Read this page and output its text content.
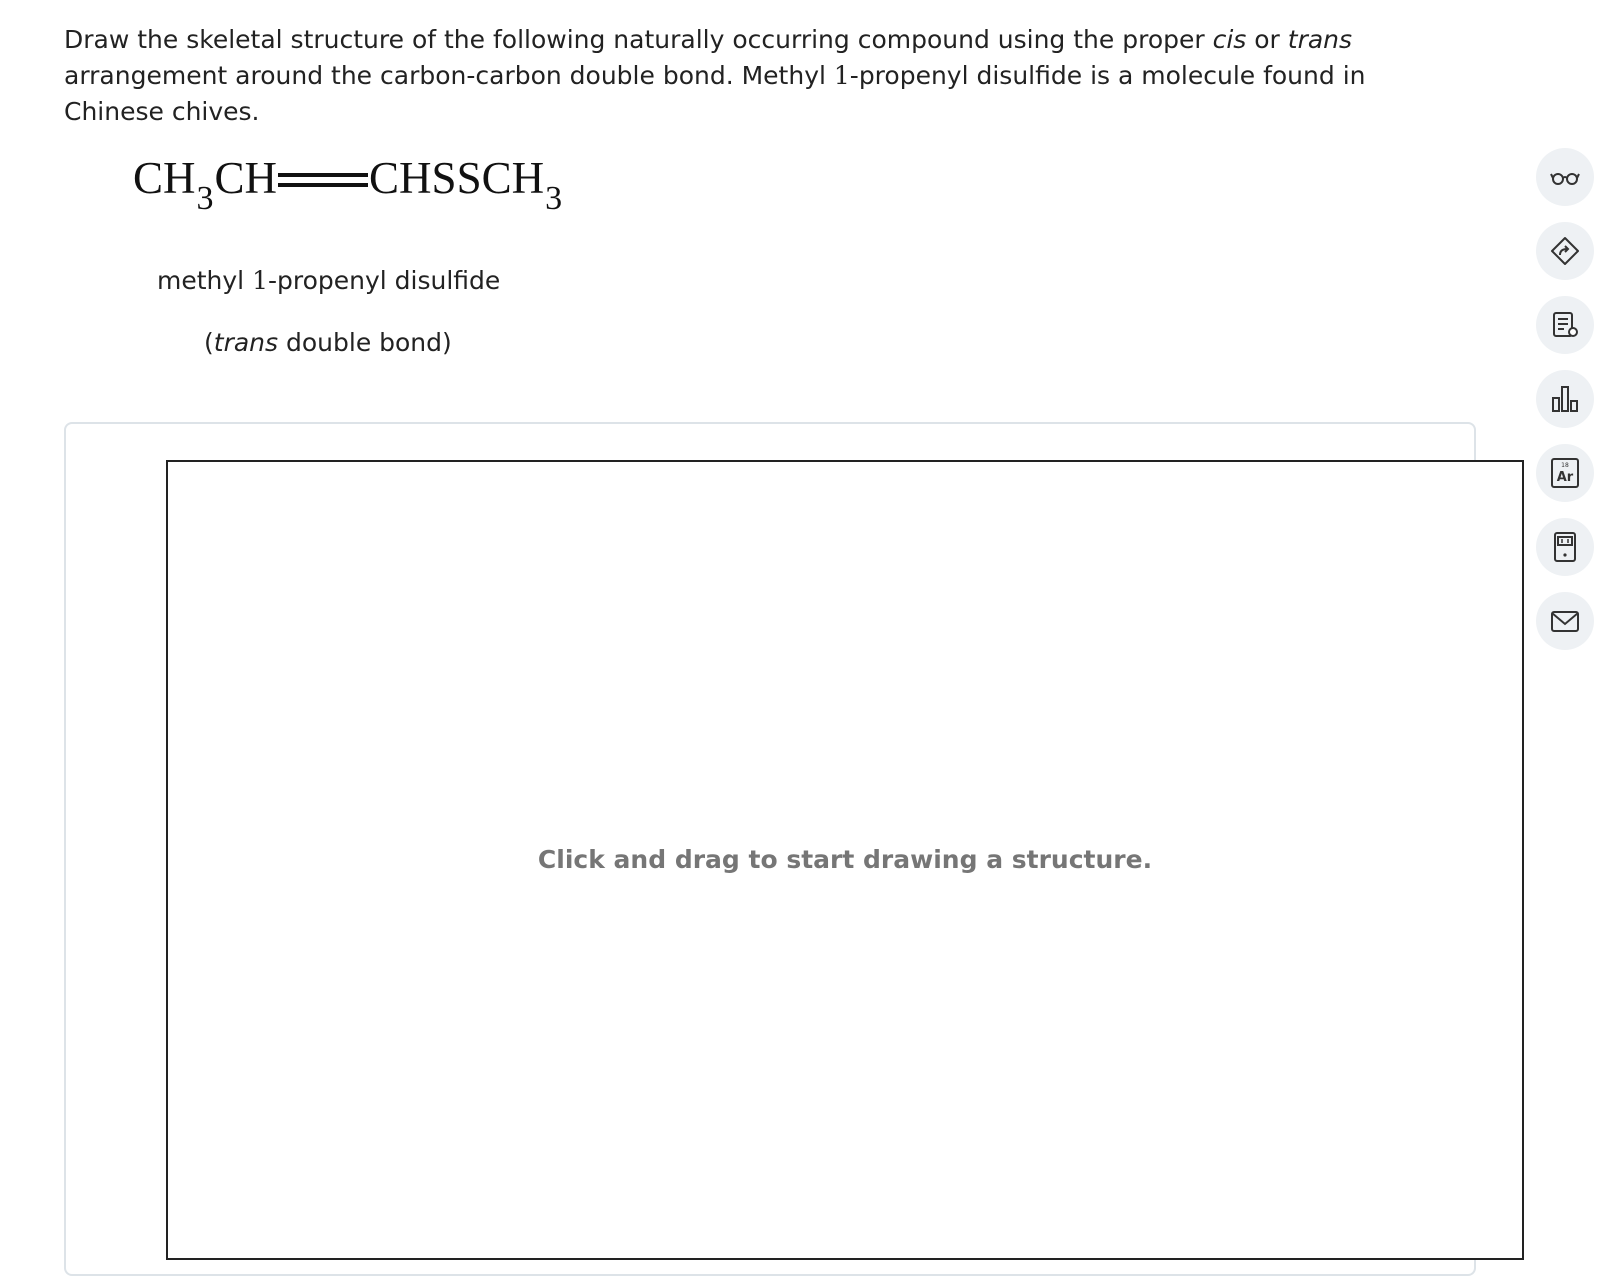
Draw the skeletal structure of the following naturally occurring compound using the proper cis or trans arrangement around the carbon-carbon double bond. Methyl 1-propenyl disulfide is a molecule found in Chinese chives.
$CH_3CH$ $CHSSCH_3$
methyl 1-propenyl disulfide
(trans double bond)
Click and drag to start drawing a structure.
18
Ar
